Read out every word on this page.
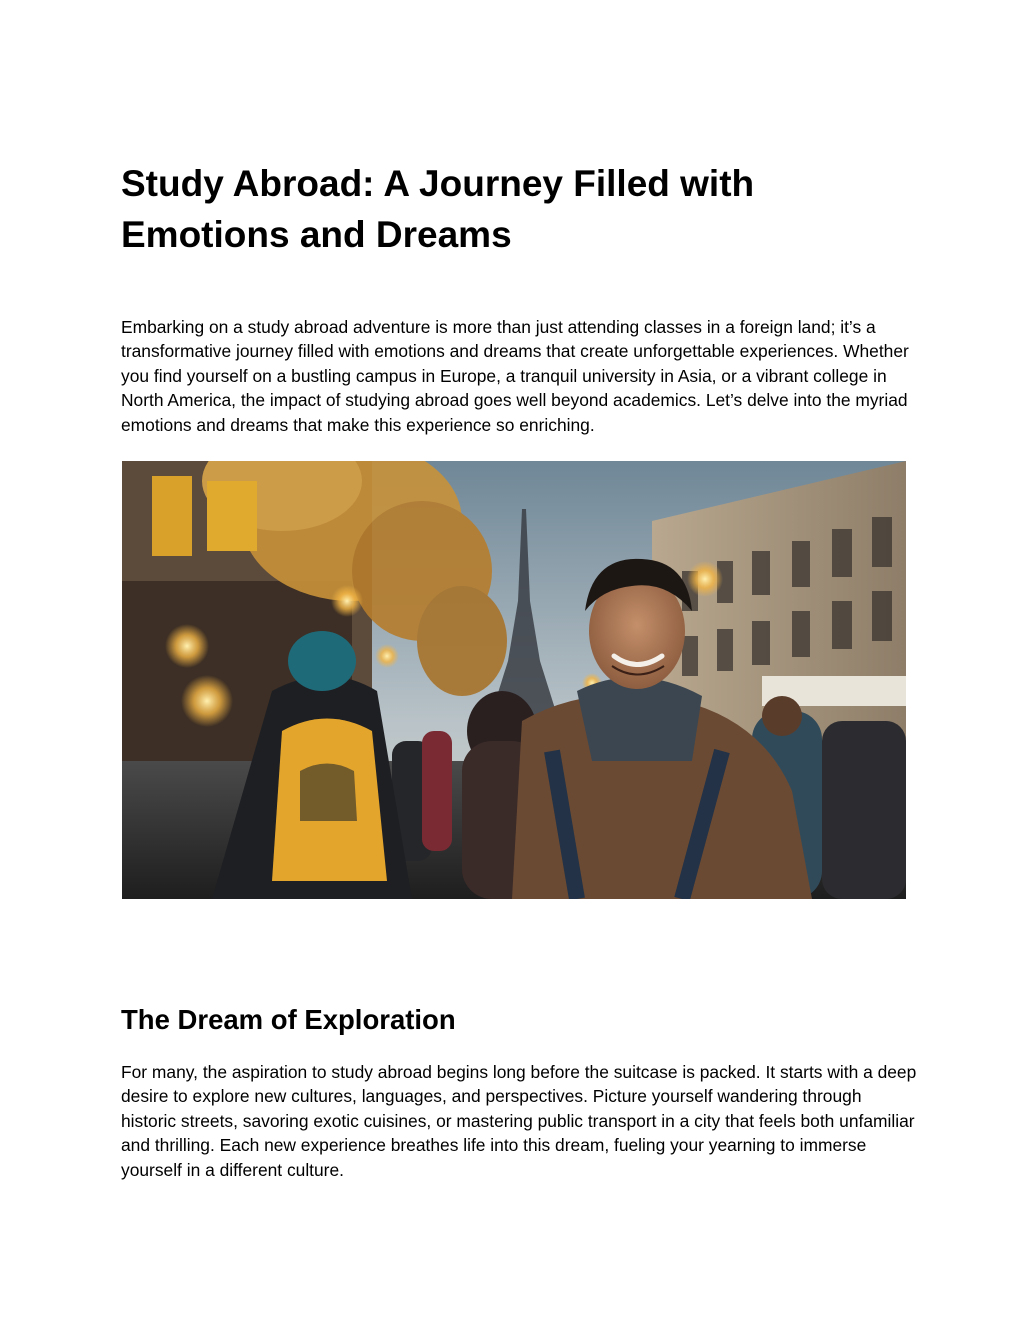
Study Abroad: A Journey Filled with Emotions and Dreams

Embarking on a study abroad adventure is more than just attending classes in a foreign land; it’s a transformative journey filled with emotions and dreams that create unforgettable experiences. Whether you find yourself on a bustling campus in Europe, a tranquil university in Asia, or a vibrant college in North America, the impact of studying abroad goes well beyond academics. Let’s delve into the myriad emotions and dreams that make this experience so enriching.

The Dream of Exploration

For many, the aspiration to study abroad begins long before the suitcase is packed. It starts with a deep desire to explore new cultures, languages, and perspectives. Picture yourself wandering through historic streets, savoring exotic cuisines, or mastering public transport in a city that feels both unfamiliar and thrilling. Each new experience breathes life into this dream, fueling your yearning to immerse yourself in a different culture.
